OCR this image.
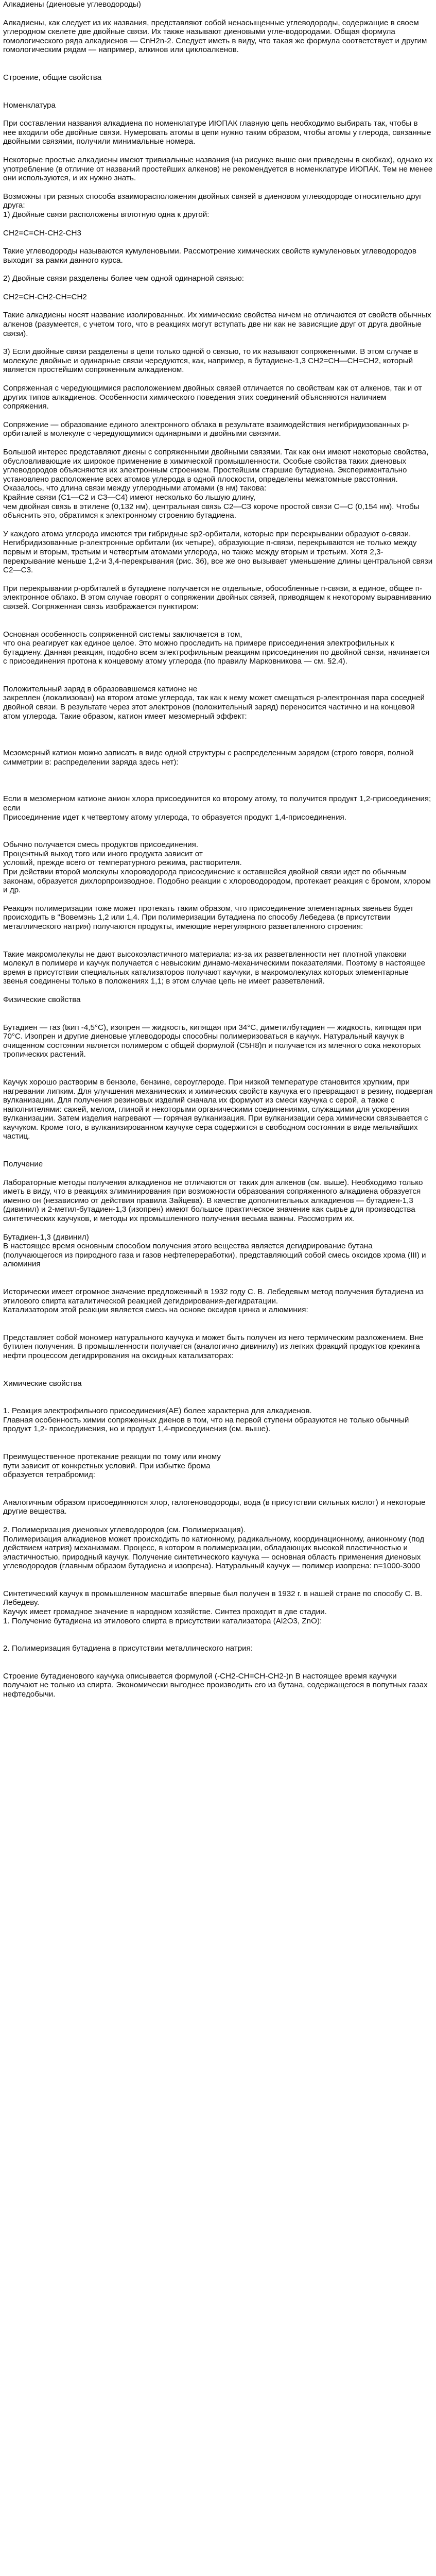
Алкадиены (диеновые углеводороды)

Алкадиены, как следует из их названия, представляют собой ненасыщенные углеводороды, содержащие в своем углеродном скелете две двойные связи. Их также называют диеновыми угле-водородами. Общая формула гомологического ряда алкадиенов — CnH2n-2. Следует иметь в виду, что такая же формула соответствует и другим гомологическим рядам — например, алкинов или циклоалкенов.

Строение, общие свойства

Номенклатура

При составлении названия алкадиена по номенклатуре ИЮПАК главную цепь необходимо выбирать так, чтобы в нее входили обе двойные связи. Нумеровать атомы в цепи нужно таким образом, чтобы атомы у глерода, связанные двойными связями, получили минимальные номера.

Некоторые простые алкадиены имеют тривиальные названия (на рисунке выше они приведены в скобках), однако их употребление (в отличие от названий простейших алкенов) не рекомендуется в номенклатуре ИЮПАК. Тем не менее они используются, и их нужно знать.

Возможны три разных способа взаиморасположения двойных связей в диеновом углеводороде относительно друг друга:

1) Двойные связи расположены вплотную одна к другой:

CH2=C=CH-CH2-CH3

Такие углеводороды называются кумуленовыми. Рассмотрение химических свойств кумуленовых углеводородов выходит за рамки данного курса.

2) Двойные связи разделены более чем одной одинарной связью:

CH2=CH-CH2-CH=CH2

Такие алкадиены носят название изолированных. Их химические свойства ничем не отличаются от свойств обычных алкенов (разумеется, с учетом того, что в реакциях могут вступать две ни как не зависящие друг от друга двойные связи).

3) Если двойные связи разделены в цепи только одной о связью, то их называют сопряженными. В этом случае в молекуле двойные и одинарные связи чередуются, как, например, в бутадиене-1,3 CH2=CH—CH=CH2, который является простейшим сопряженным алкадиеном.

Сопряженная с чередующимися расположением двойных связей отличается по свойствам как от алкенов, так и от других типов алкадиенов. Особенности химического поведения этих соединений объясняются наличием сопряжения.

Сопряжение — образование единого электронного облака в результате взаимодействия негибридизованных р-орбиталей в молекуле с чередующимися одинарными и двойными связями.

Большой интерес представляют диены с сопряженными двойными связями. Так как они имеют некоторые свойства, обусловливающие их широкое применение в химической промышленности. Особые свойства таких диеновых углеводородов объясняются их электронным строением. Простейшим старшие бутадиена. Экспериментально установлено расположение всех атомов углерода в одной плоскости, определены межатомные расстояния. Оказалось, что длина связи между углеродными атомами (в нм) такова:

Крайние связи (С1—С2 и С3—С4) имеют несколько бо льшую длину,

чем двойная связь в этилене (0,132 нм), центральная связь С2—С3 короче простой связи С—С (0,154 нм). Чтобы объяснить это, обратимся к электронному строению бутадиена.

У каждого атома углерода имеются три гибридные sp2-орбитали, которые при перекрывании образуют о-связи. Негибридизованные р-электронные орбитали (их четыре), образующие п-связи, перекрываются не только между первым и вторым, третьим и четвертым атомами углерода, но также между вторым и третьим. Хотя 2,3-перекрывание меньше 1,2-и 3,4-перекрывания (рис. 36), все же оно вызывает уменьшение длины центральной связи С2—С3.

При перекрывании р-орбиталей в бутадиене получается не отдельные, обособленные п-связи, а единое, общее п-электронное облако. В этом случае говорят о сопряжении двойных связей, приводящем к некоторому выравниванию связей. Сопряженная связь изображается пунктиром:

Основная особенность сопряженной системы заключается в том,

что она реагирует как единое целое. Это можно проследить на примере присоединения электрофильных к бутадиену. Данная реакция, подобно всем электрофильным реакциям присоединения по двойной связи, начинается с присоединения протона к концевому атому углерода (по правилу Марковникова — см. §2.4).

Положительный заряд в образовавшемся катионе не

закреплен (локализован) на втором атоме углерода, так как к нему может смещаться р-электронная пара соседней двойной связи. В результате через этот электронов (положительный заряд) переносится частично и на концевой атом углерода. Такие образом, катион имеет мезомерный эффект:

Мезомерный катион можно записать в виде одной структуры с распределенным зарядом (строго говоря, полной симметрии в: распределении заряда здесь нет):

Если в мезомерном катионе анион хлора присоединится ко второму атому, то получится продукт 1,2-присоединения; если

Присоединение идет к четвертому атому углерода, то образуется продукт 1,4-присоединения.

Обычно получается смесь продуктов присоединения.

Процентный выход того или иного продукта зависит от

условий, прежде всего от температурного режима, растворителя.

При действии второй молекулы хлороводорода присоединение к оставшейся двойной связи идет по обычным законам, образуется дихлорпроизводное. Подобно реакции с хлороводородом, протекает реакция с бромом, хлором и др.

Реакция полимеризации тоже может протекать таким образом, что присоединение элементарных звеньев будет происходить в "Вовемэнь 1,2 или 1,4. При полимеризации бутадиена по способу Лебедева (в присутствии металлического натрия) получаются продукты, имеющие нерегулярного разветвленного строения:

Такие макромолекулы не дают высокоэластичного материала: из-за их разветвленности нет плотной упаковки молекул в полимере и каучук получается с невысоким динамо-механическими показателями. Поэтому в настоящее время в присутствии специальных катализаторов получают каучуки, в макромолекулах которых элементарные звенья соединены только в положениях 1,1; в этом случае цепь не имеет разветвлений.

Физические свойства

Бутадиен — газ (tкип -4,5°C), изопрен — жидкость, кипящая при 34°C, диметилбутадиен — жидкость, кипящая при 70°C. Изопрен и другие диеновые углеводороды способны полимеризоваться в каучук. Натуральный каучук в очищенном состоянии является полимером с общей формулой (C5H8)n и получается из млечного сока некоторых тропических растений.

Каучук хорошо растворим в бензоле, бензине, сероуглероде. При низкой температуре становится хрупким, при нагревании липким. Для улучшения механических и химических свойств каучука его превращают в резину, подвергая вулканизации. Для получения резиновых изделий сначала их формуют из смеси каучука с серой, а также с наполнителями: сажей, мелом, глиной и некоторыми органическими соединениями, служащими для ускорения вулканизации. Затем изделия нагревают — горячая вулканизация. При вулканизации сера химически связывается с каучуком. Кроме того, в вулканизированном каучуке сера содержится в свободном состоянии в виде мельчайших частиц.

Получение

Лабораторные методы получения алкадиенов не отличаются от таких для алкенов (см. выше). Необходимо только иметь в виду, что в реакциях элиминирования при возможности образования сопряженного алкадиена образуется именно он (независимо от действия правила Зайцева). В качестве дополнительных алкадиенов — бутадиен-1,3 (дивинил) и 2-метил-бутадиен-1,3 (изопрен) имеют большое практическое значение как сырье для производства синтетических каучуков, и методы их промышленного получения весьма важны. Рассмотрим их.

Бутадиен-1,3 (дивинил)

В настоящее время основным способом получения этого вещества является дегидрирование бутана (получающегося из природного газа и газов нефтепереработки), представляющий собой смесь оксидов хрома (III) и алюминия

Исторически имеет огромное значение предложенный в 1932 году С. В. Лебедевым метод получения бутадиена из этилового спирта каталитической реакцией дегидрирования-дегидратации.

Катализатором этой реакции является смесь на основе оксидов цинка и алюминия:

Представляет собой мономер натурального каучука и может быть получен из него термическим разложением. Вне бутилен получения. В промышленности получается (аналогично дивинилу) из легких фракций продуктов крекинга нефти процессом дегидрирования на оксидных катализаторах:

Химические свойства

1. Реакция электрофильного присоединения(AE) более характерна для алкадиенов.

Главная особенность химии сопряженных диенов в том, что на первой ступени образуются не только обычный продукт 1,2- присоединения, но и продукт 1,4-присоединения (см. выше).

Преимущественное протекание реакции по тому или иному

пути зависит от конкретных условий. При избытке брома

образуется тетрабромид:

Аналогичным образом присоединяются хлор, галогеноводороды, вода (в присутствии сильных кислот) и некоторые другие вещества.

2. Полимеризация диеновых углеводородов (см. Полимеризация).

Полимеризация алкадиенов может происходить по катионному, радикальному, координационному, анионному (под действием натрия) механизмам. Процесс, в котором в полимеризации, обладающих высокой пластичностью и эластичностью, природный каучук. Получение синтетического каучука — основная область применения диеновых углеводородов (главным образом бутадиена и изопрена). Натуральный каучук — полимер изопрена: n=1000-3000

Синтетический каучук в промышленном масштабе впервые был получен в 1932 г. в нашей стране по способу С. В. Лебедеву.

Каучук имеет громадное значение в народном хозяйстве. Синтез проходит в две стадии.

1. Получение бутадиена из этилового спирта в присутствии катализатора (Al2O3, ZnO):

2. Полимеризация бутадиена в присутствии металлического натрия:

Строение бутадиенового каучука описывается формулой (-CH2-CH=CH-CH2-)n В настоящее время каучуки получают не только из спирта. Экономически выгоднее производить его из бутана, содержащегося в попутных газах нефтедобычи.
